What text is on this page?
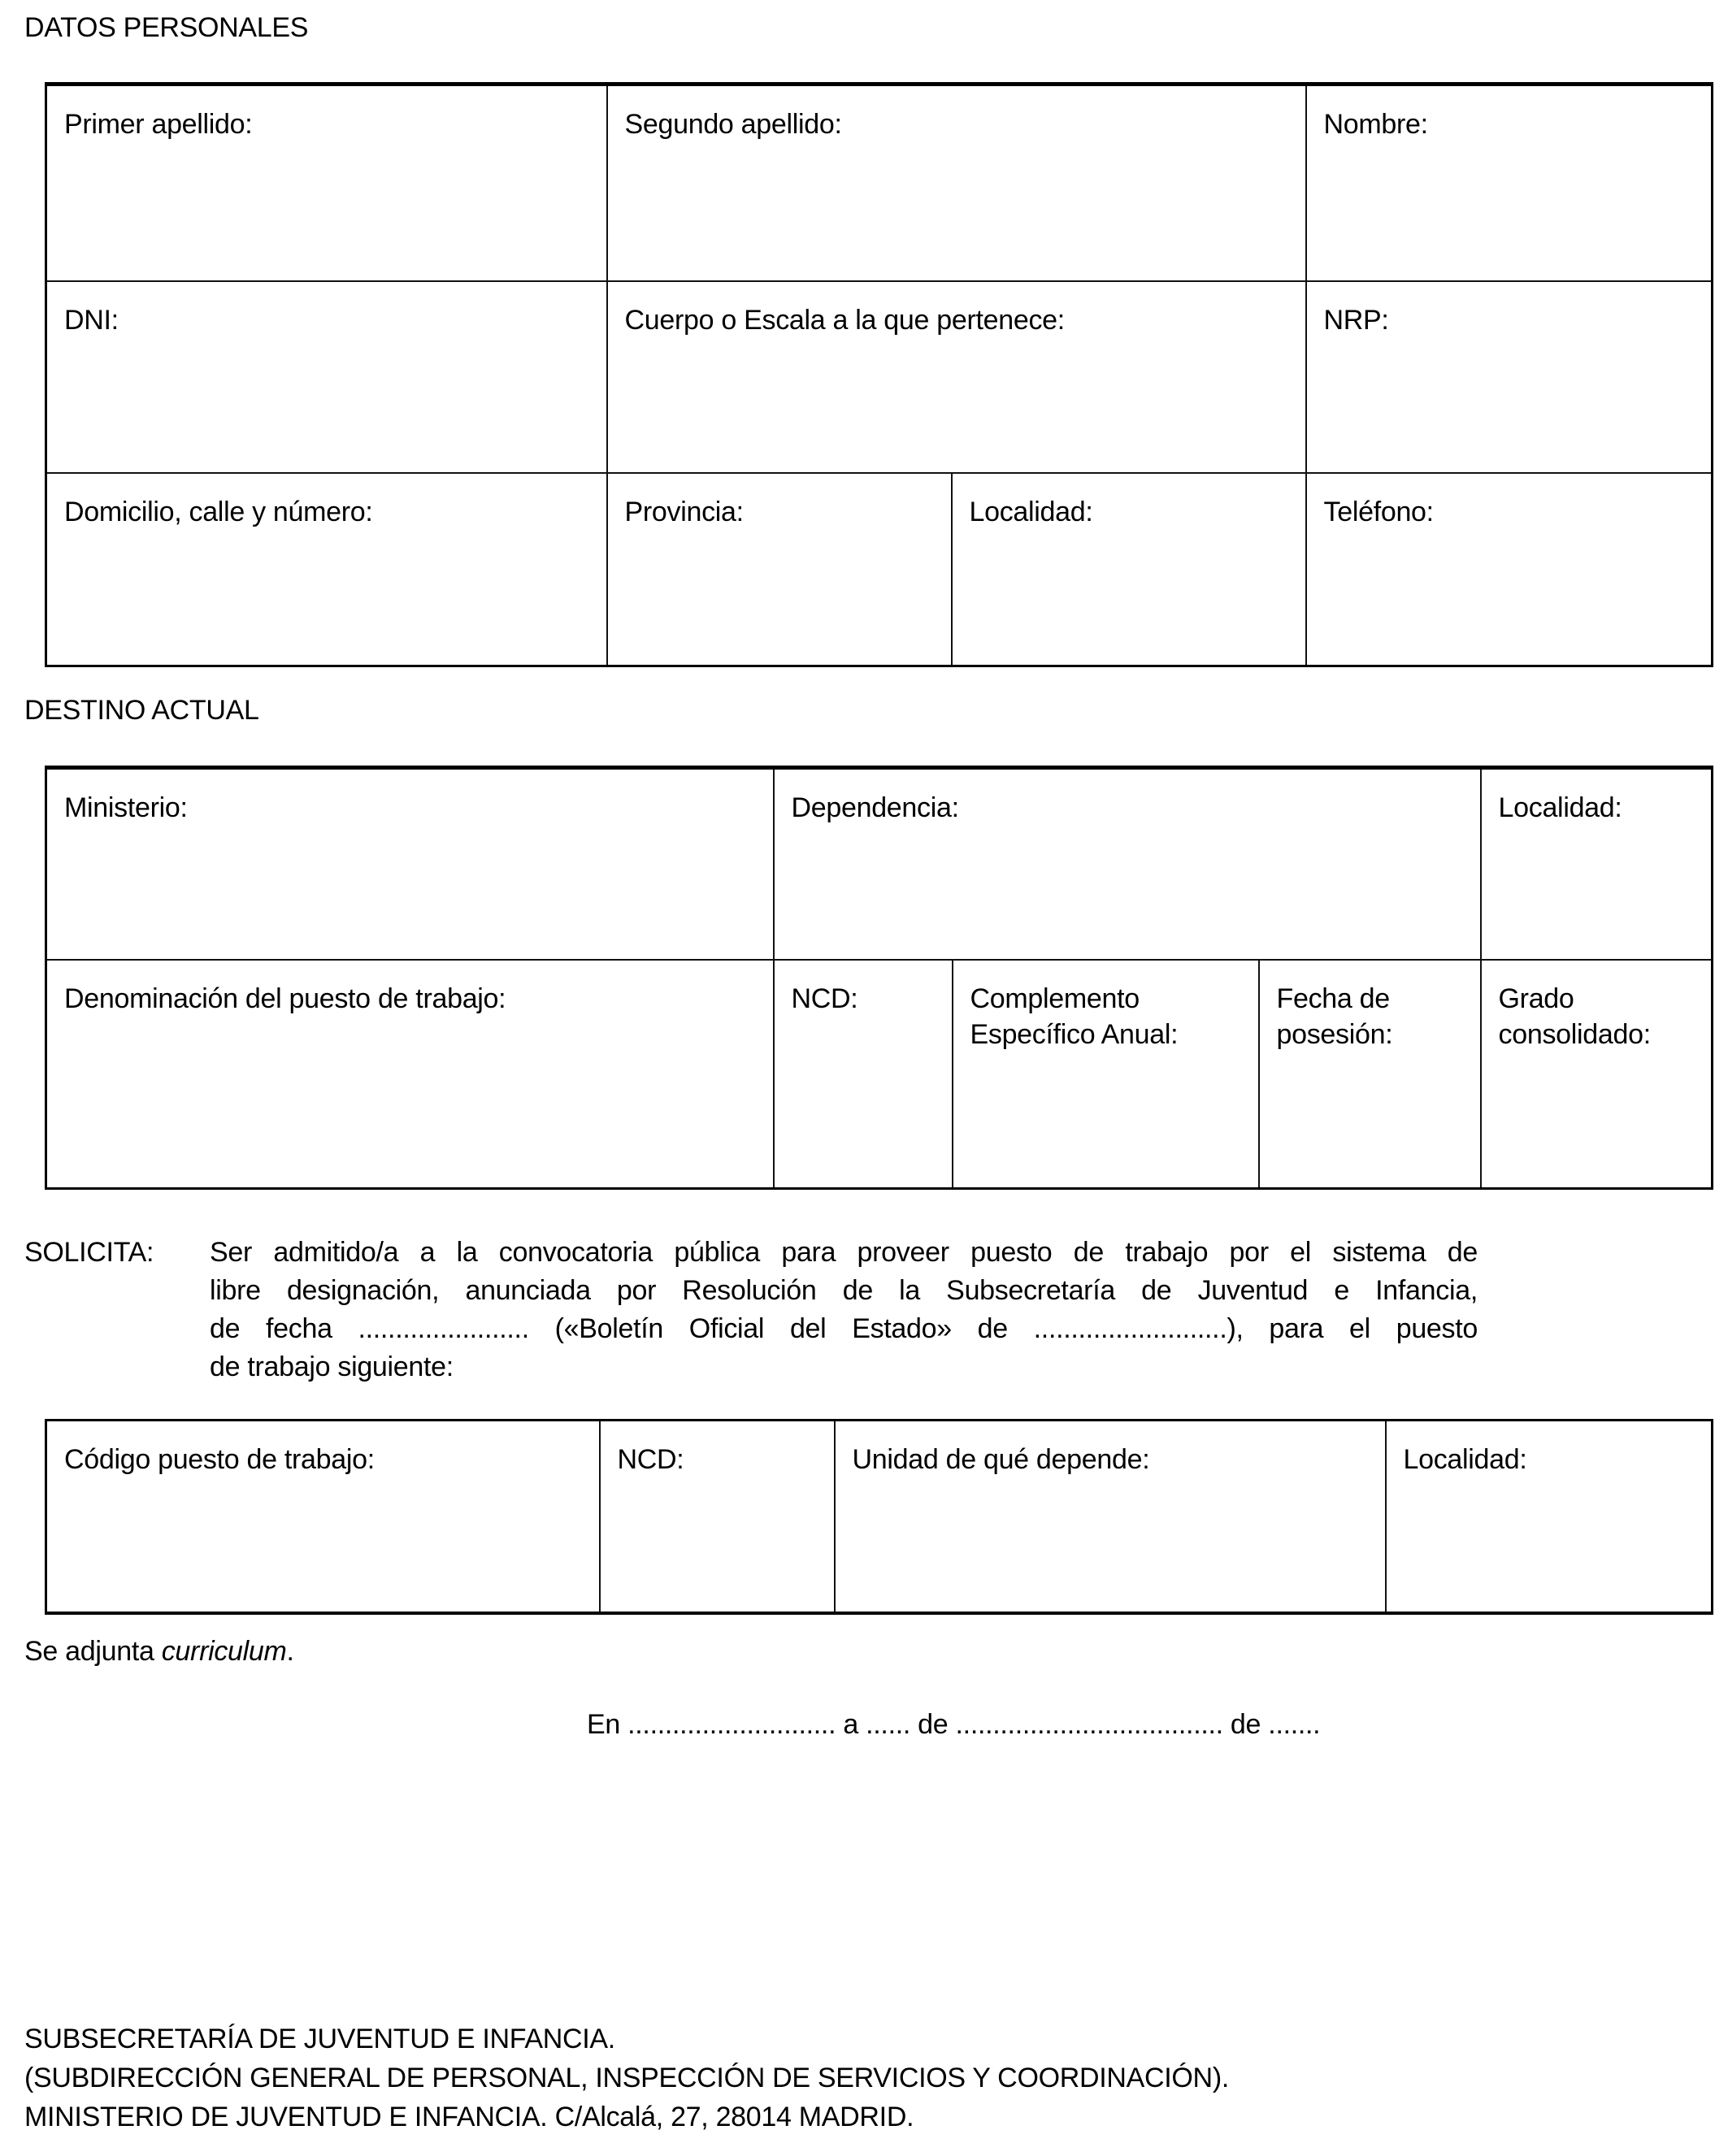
DATOS PERSONALES
Primer apellido:	Segundo apellido:		Nombre:
DNI:	Cuerpo o Escala a la que pertenece:		NRP:
Domicilio, calle y número:	Provincia:	Localidad:	Teléfono:
DESTINO ACTUAL
Ministerio:	Dependencia:			Localidad:
Denominación del puesto de trabajo:	NCD:	Complemento Específico Anual:	Fecha de posesión:	Grado consolidado:
SOLICITA:	Ser admitido/a a la convocatoria pública para proveer puesto de trabajo por el sistema de
libre designación, anunciada por Resolución de la Subsecretaría de Juventud e Infancia,
de fecha ....................... («Boletín Oficial del Estado» de ..........................), para el puesto
de trabajo siguiente:
Código puesto de trabajo:	NCD:	Unidad de qué depende:	Localidad:
Se adjunta curriculum.
En ............................ a ...... de .................................... de .......
SUBSECRETARÍA DE JUVENTUD E INFANCIA.
(SUBDIRECCIÓN GENERAL DE PERSONAL, INSPECCIÓN DE SERVICIOS Y COORDINACIÓN).
MINISTERIO DE JUVENTUD E INFANCIA. C/Alcalá, 27, 28014 MADRID.
